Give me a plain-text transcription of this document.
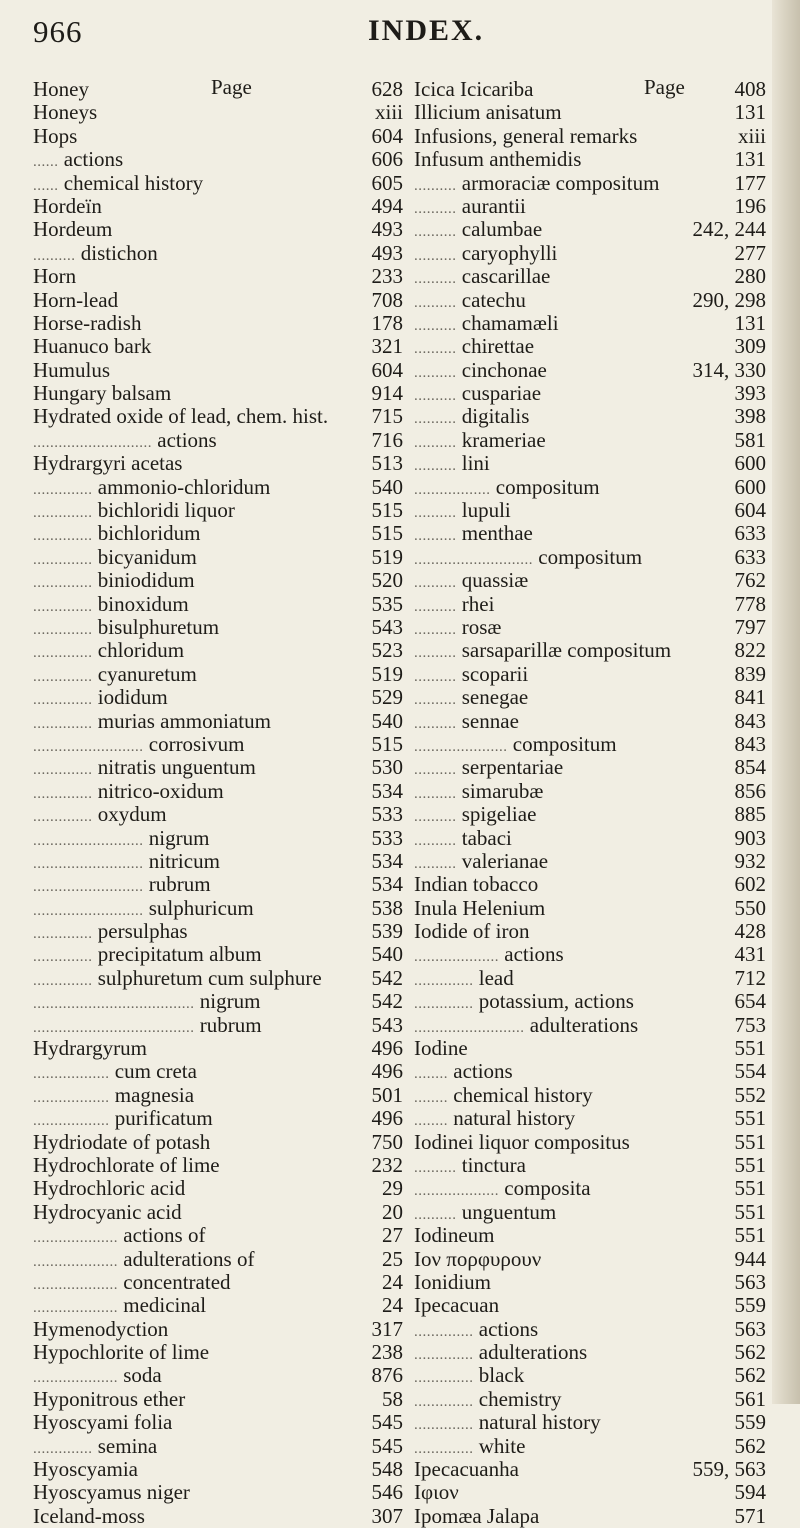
966	INDEX.
Page
Honey	628
Honeys	xiii
Hops	604
...... actions	606
...... chemical history	605
Hordeïn	494
Hordeum	493
.......... distichon	493
Horn	233
Horn-lead	708
Horse-radish	178
Huanuco bark	321
Humulus	604
Hungary balsam	914
Hydrated oxide of lead, chem. hist. 715
............................ actions	716
Hydrargyri acetas	513
.............. ammonio-chloridum	540
.............. bichloridi liquor	515
.............. bichloridum	515
.............. bicyanidum	519
.............. biniodidum	520
.............. binoxidum	535
.............. bisulphuretum	543
.............. chloridum	523
.............. cyanuretum	519
.............. iodidum	529
.............. murias ammoniatum	540
.......................... corrosivum	515
.............. nitratis unguentum	530
.............. nitrico-oxidum	534
.............. oxydum	533
.......................... nigrum	533
.......................... nitricum	534
.......................... rubrum	534
.......................... sulphuricum	538
.............. persulphas	539
.............. precipitatum album	540
.............. sulphuretum cum sulphure 542
...................................... nigrum	542
...................................... rubrum	543
Hydrargyrum	496
.................. cum creta	496
.................. magnesia	501
.................. purificatum	496
Hydriodate of potash	750
Hydrochlorate of lime	232
Hydrochloric acid	29
Hydrocyanic acid	20
.................... actions of	27
.................... adulterations of	25
.................... concentrated	24
.................... medicinal	24
Hymenodyction	317
Hypochlorite of lime	238
.................... soda	876
Hyponitrous ether	58
Hyoscyami folia	545
.............. semina	545
Hyoscyamia	548
Hyoscyamus niger	546
Iceland-moss	307
Page
Icica Icicariba	408
Illicium anisatum	131
Infusions, general remarks	xiii
Infusum anthemidis	131
.......... armoraciæ compositum	177
.......... aurantii	196
.......... calumbae	242, 244
.......... caryophylli	277
.......... cascarillae	280
.......... catechu	290, 298
.......... chamamæli	131
.......... chirettae	309
.......... cinchonae	314, 330
.......... cuspariae	393
.......... digitalis	398
.......... krameriae	581
.......... lini	600
.................. compositum	600
.......... lupuli	604
.......... menthae	633
............................ compositum	633
.......... quassiæ	762
.......... rhei	778
.......... rosæ	797
.......... sarsaparillæ compositum	822
.......... scoparii	839
.......... senegae	841
.......... sennae	843
...................... compositum	843
.......... serpentariae	854
.......... simarubæ	856
.......... spigeliae	885
.......... tabaci	903
.......... valerianae	932
Indian tobacco	602
Inula Helenium	550
Iodide of iron	428
.................... actions	431
.............. lead	712
.............. potassium, actions	654
.......................... adulterations	753
Iodine	551
........ actions	554
........ chemical history	552
........ natural history	551
Iodinei liquor compositus	551
.......... tinctura	551
.................... composita	551
.......... unguentum	551
Iodineum	551
Ιον πορφυρουν	944
Ionidium	563
Ipecacuan	559
.............. actions	563
.............. adulterations	562
.............. black	562
.............. chemistry	561
.............. natural history	559
.............. white	562
Ipecacuanha	559, 563
Ιφιον	594
Ipomæa Jalapa	571
